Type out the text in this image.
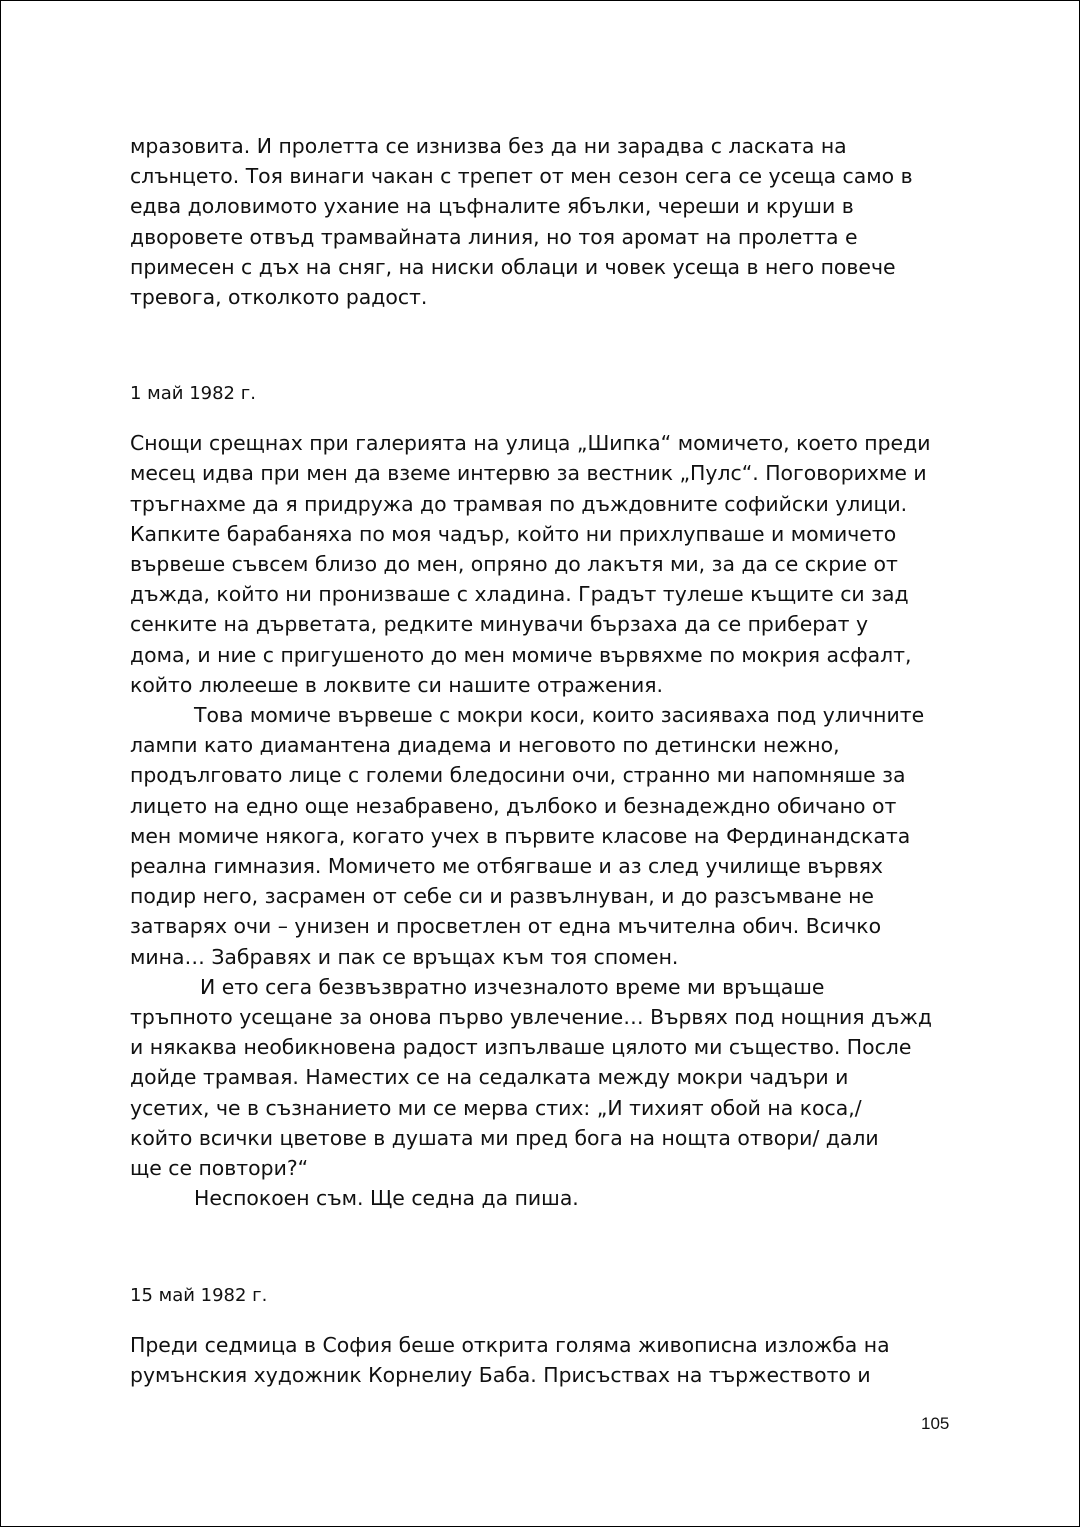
мразовита. И пролетта се изнизва без да ни зарадва с ласката на

слънцето. Тоя винаги чакан с трепет от мен сезон сега се усеща само в

едва доловимото ухание на цъфналите ябълки, череши и круши в

дворовете отвъд трамвайната линия, но тоя аромат на пролетта е

примесен с дъх на сняг, на ниски облаци и човек усеща в него повече

тревога, отколкото радост.

1 май 1982 г.

Снощи срещнах при галерията на улица „Шипка“ момичето, което преди

месец идва при мен да вземе интервю за вестник „Пулс“. Поговорихме и

тръгнахме да я придружа до трамвая по дъждовните софийски улици.

Капките барабаняха по моя чадър, който ни прихлупваше и момичето

вървеше съвсем близо до мен, опряно до лакътя ми, за да се скрие от

дъжда, който ни пронизваше с хладина. Градът тулеше къщите си зад

сенките на дърветата, редките минувачи бързаха да се приберат у

дома, и ние с пригушеното до мен момиче вървяхме по мокрия асфалт,

който люлееше в локвите си нашите отражения.

Това момиче вървеше с мокри коси, които засияваха под уличните

лампи като диамантена диадема и неговото по детински нежно,

продълговато лице с големи бледосини очи, странно ми напомняше за

лицето на едно още незабравено, дълбоко и безнадеждно обичано от

мен момиче някога, когато учех в първите класове на Фердинандската

реална гимназия. Момичето ме отбягваше и аз след училище вървях

подир него, засрамен от себе си и развълнуван, и до разсъмване не

затварях очи – унизен и просветлен от една мъчителна обич. Всичко

мина… Забравях и пак се връщах към тоя спомен.

И ето сега безвъзвратно изчезналото време ми връщаше

тръпното усещане за онова първо увлечение… Вървях под нощния дъжд

и някаква необикновена радост изпълваше цялото ми същество. После

дойде трамвая. Наместих се на седалката между мокри чадъри и

усетих, че в съзнанието ми се мерва стих: „И тихият обой на коса,/

който всички цветове в душата ми пред бога на нощта отвори/ дали

ще се повтори?“

Неспокоен съм. Ще седна да пиша.

15 май 1982 г.

Преди седмица в София беше открита голяма живописна изложба на

румънския художник Корнелиу Баба. Присъствах на тържеството и

105
